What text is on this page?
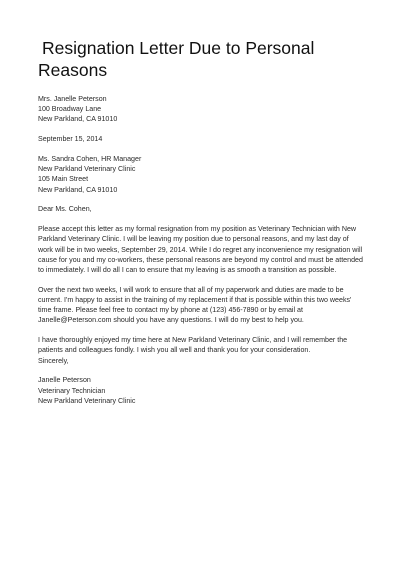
Resignation Letter Due to Personal
Reasons
Mrs. Janelle Peterson
100 Broadway Lane
New Parkland, CA 91010
September 15, 2014
Ms. Sandra Cohen, HR Manager
New Parkland Veterinary Clinic
105 Main Street
New Parkland, CA 91010
Dear Ms. Cohen,
Please accept this letter as my formal resignation from my position as Veterinary Technician with New
Parkland Veterinary Clinic. I will be leaving my position due to personal reasons, and my last day of
work will be in two weeks, September 29, 2014. While I do regret any inconvenience my resignation will
cause for you and my co-workers, these personal reasons are beyond my control and must be attended
to immediately. I will do all I can to ensure that my leaving is as smooth a transition as possible.
Over the next two weeks, I will work to ensure that all of my paperwork and duties are made to be
current. I'm happy to assist in the training of my replacement if that is possible within this two weeks'
time frame. Please feel free to contact my by phone at (123) 456-7890 or by email at
Janelle@Peterson.com should you have any questions. I will do my best to help you.
I have thoroughly enjoyed my time here at New Parkland Veterinary Clinic, and I will remember the
patients and colleagues fondly. I wish you all well and thank you for your consideration.
Sincerely,
Janelle Peterson
Veterinary Technician
New Parkland Veterinary Clinic
